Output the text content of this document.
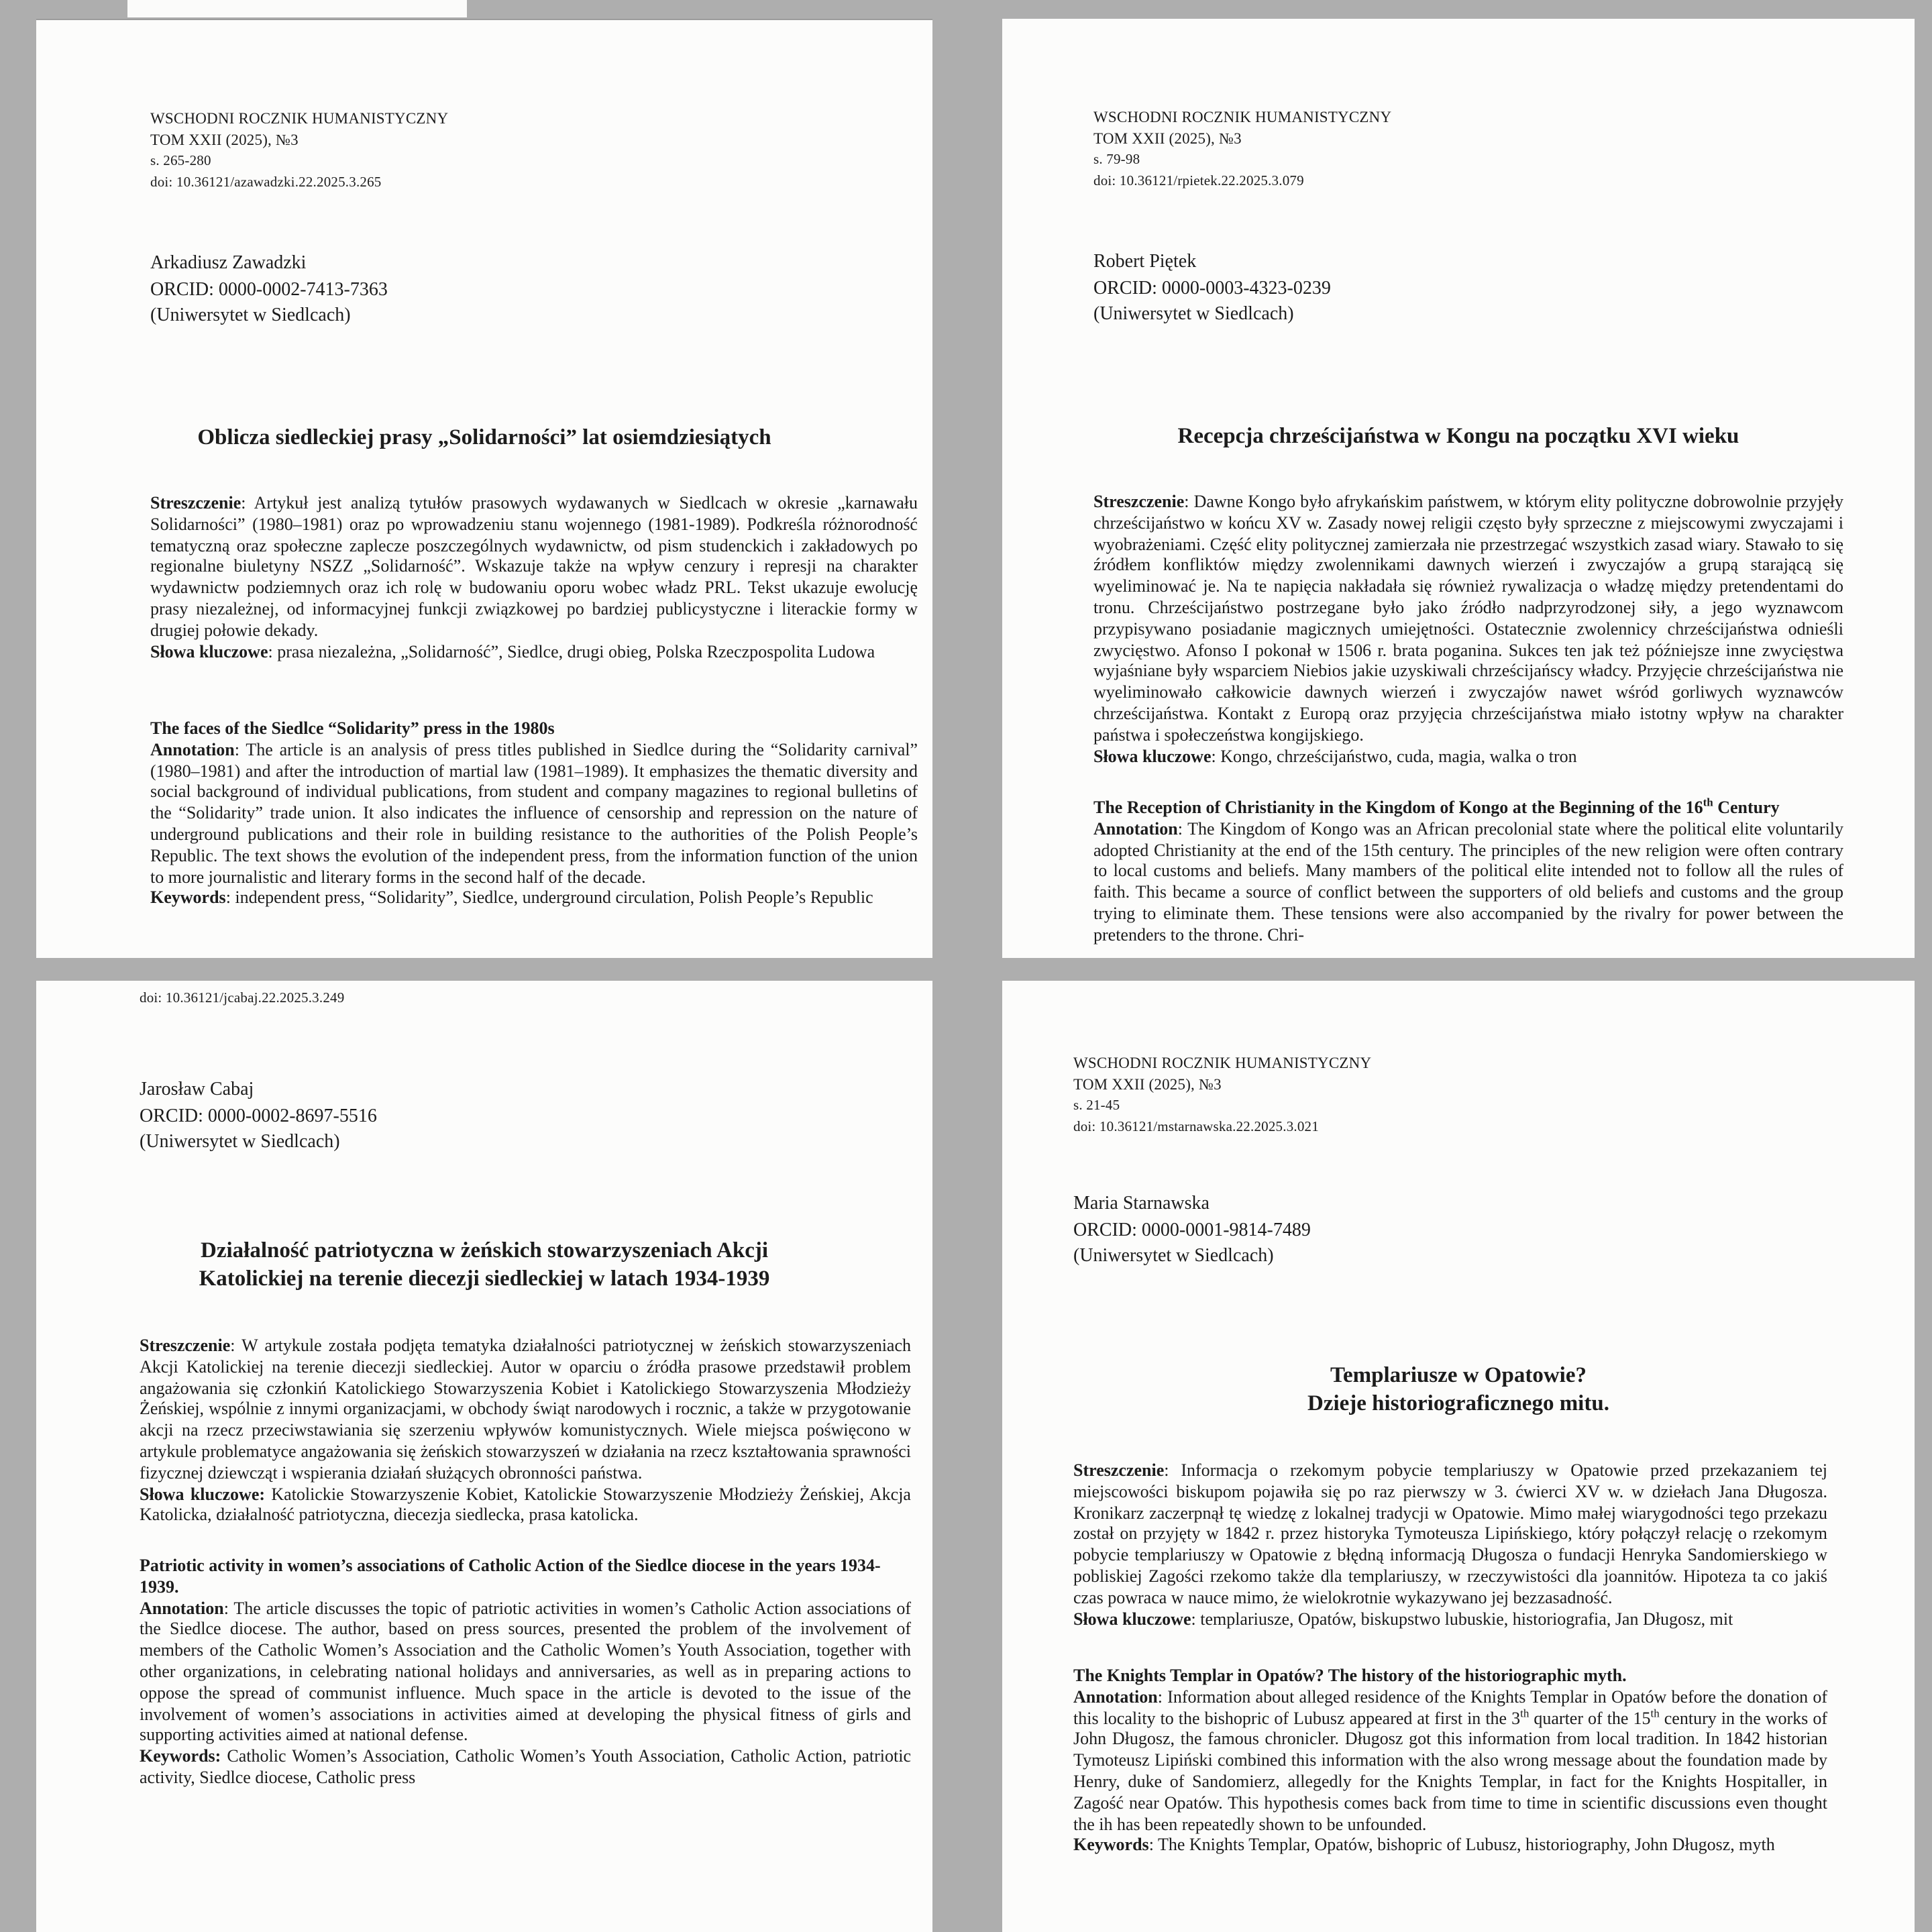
WSCHODNI ROCZNIK HUMANISTYCZNY
TOM XXII (2025), №3
s. 265-280
doi: 10.36121/azawadzki.22.2025.3.265
Arkadiusz Zawadzki
ORCID: 0000-0002-7413-7363
(Uniwersytet w Siedlcach)
Oblicza siedleckiej prasy „Solidarności” lat osiemdziesiątych

Streszczenie: Artykuł jest analizą tytułów prasowych wydawanych w Siedlcach w okresie „karnawału Solidarności” (1980–1981) oraz po wprowadzeniu stanu wojennego (1981-1989). Podkreśla różnorodność tematyczną oraz społeczne zaplecze poszczególnych wydawnictw, od pism studenckich i zakładowych po regionalne biuletyny NSZZ „Solidarność”. Wskazuje także na wpływ cenzury i represji na charakter wydawnictw podziemnych oraz ich rolę w budowaniu oporu wobec władz PRL. Tekst ukazuje ewolucję prasy niezależnej, od informacyjnej funkcji związkowej po bardziej publicystyczne i literackie formy w drugiej połowie dekady.

Słowa kluczowe: prasa niezależna, „Solidarność”, Siedlce, drugi obieg, Polska Rzeczpospolita Ludowa

The faces of the Siedlce “Solidarity” press in the 1980s

Annotation: The article is an analysis of press titles published in Siedlce during the “Solidarity carnival” (1980–1981) and after the introduction of martial law (1981–1989). It emphasizes the thematic diversity and social background of individual publications, from student and company magazines to regional bulletins of the “Solidarity” trade union. It also indicates the influence of censorship and repression on the nature of underground publications and their role in building resistance to the authorities of the Polish People’s Republic. The text shows the evolution of the independent press, from the information function of the union to more journalistic and literary forms in the second half of the decade.

Keywords: independent press, “Solidarity”, Siedlce, underground circulation, Polish People’s Republic

WSCHODNI ROCZNIK HUMANISTYCZNY
TOM XXII (2025), №3
s. 79-98
doi: 10.36121/rpietek.22.2025.3.079
Robert Piętek
ORCID: 0000-0003-4323-0239
(Uniwersytet w Siedlcach)
Recepcja chrześcijaństwa w Kongu na początku XVI wieku

Streszczenie: Dawne Kongo było afrykańskim państwem, w którym elity polityczne dobrowolnie przyjęły chrześcijaństwo w końcu XV w. Zasady nowej religii często były sprzeczne z miejscowymi zwyczajami i wyobrażeniami. Część elity politycznej zamierzała nie przestrzegać wszystkich zasad wiary. Stawało to się źródłem konfliktów między zwolennikami dawnych wierzeń i zwyczajów a grupą starającą się wyeliminować je. Na te napięcia nakładała się również rywalizacja o władzę między pretendentami do tronu. Chrześcijaństwo postrzegane było jako źródło nadprzyrodzonej siły, a jego wyznawcom przypisywano posiadanie magicznych umiejętności. Ostatecznie zwolennicy chrześcijaństwa odnieśli zwycięstwo. Afonso I pokonał w 1506 r. brata poganina. Sukces ten jak też późniejsze inne zwycięstwa wyjaśniane były wsparciem Niebios jakie uzyskiwali chrześcijańscy władcy. Przyjęcie chrześcijaństwa nie wyeliminowało całkowicie dawnych wierzeń i zwyczajów nawet wśród gorliwych wyznawców chrześcijaństwa. Kontakt z Europą oraz przyjęcia chrześcijaństwa miało istotny wpływ na charakter państwa i społeczeństwa kongijskiego.

Słowa kluczowe: Kongo, chrześcijaństwo, cuda, magia, walka o tron

The Reception of Christianity in the Kingdom of Kongo at the Beginning of the 16th Century

Annotation: The Kingdom of Kongo was an African precolonial state where the political elite voluntarily adopted Christianity at the end of the 15th century. The principles of the new religion were often contrary to local customs and beliefs. Many mambers of the political elite intended not to follow all the rules of faith. This became a source of conflict between the supporters of old beliefs and customs and the group trying to eliminate them. These tensions were also accompanied by the rivalry for power between the pretenders to the throne. Chri-

doi: 10.36121/jcabaj.22.2025.3.249
Jarosław Cabaj
ORCID: 0000-0002-8697-5516
(Uniwersytet w Siedlcach)
Działalność patriotyczna w żeńskich stowarzyszeniach Akcji
Katolickiej na terenie diecezji siedleckiej w latach 1934-1939

Streszczenie: W artykule została podjęta tematyka działalności patriotycznej w żeńskich stowarzyszeniach Akcji Katolickiej na terenie diecezji siedleckiej. Autor w oparciu o źródła prasowe przedstawił problem angażowania się członkiń Katolickiego Stowarzyszenia Kobiet i Katolickiego Stowarzyszenia Młodzieży Żeńskiej, wspólnie z innymi organizacjami, w obchody świąt narodowych i rocznic, a także w przygotowanie akcji na rzecz przeciwstawiania się szerzeniu wpływów komunistycznych. Wiele miejsca poświęcono w artykule problematyce angażowania się żeńskich stowarzyszeń w działania na rzecz kształtowania sprawności fizycznej dziewcząt i wspierania działań służących obronności państwa.

Słowa kluczowe: Katolickie Stowarzyszenie Kobiet, Katolickie Stowarzyszenie Młodzieży Żeńskiej, Akcja Katolicka, działalność patriotyczna, diecezja siedlecka, prasa katolicka.

Patriotic activity in women’s associations of Catholic Action of the Siedlce diocese in the years 1934-1939.

Annotation: The article discusses the topic of patriotic activities in women’s Catholic Action associations of the Siedlce diocese. The author, based on press sources, presented the problem of the involvement of members of the Catholic Women’s Association and the Catholic Women’s Youth Association, together with other organizations, in celebrating national holidays and anniversaries, as well as in preparing actions to oppose the spread of communist influence. Much space in the article is devoted to the issue of the involvement of women’s associations in activities aimed at developing the physical fitness of girls and supporting activities aimed at national defense.

Keywords: Catholic Women’s Association, Catholic Women’s Youth Association, Catholic Action, patriotic activity, Siedlce diocese, Catholic press

WSCHODNI ROCZNIK HUMANISTYCZNY
TOM XXII (2025), №3
s. 21-45
doi: 10.36121/mstarnawska.22.2025.3.021
Maria Starnawska
ORCID: 0000-0001-9814-7489
(Uniwersytet w Siedlcach)
Templariusze w Opatowie?
Dzieje historiograficznego mitu.

Streszczenie: Informacja o rzekomym pobycie templariuszy w Opatowie przed przekazaniem tej miejscowości biskupom pojawiła się po raz pierwszy w 3. ćwierci XV w. w dziełach Jana Długosza. Kronikarz zaczerpnął tę wiedzę z lokalnej tradycji w Opatowie. Mimo małej wiarygodności tego przekazu został on przyjęty w 1842 r. przez historyka Tymoteusza Lipińskiego, który połączył relację o rzekomym pobycie templariuszy w Opatowie z błędną informacją Długosza o fundacji Henryka Sandomierskiego w pobliskiej Zagości rzekomo także dla templariuszy, w rzeczywistości dla joannitów. Hipoteza ta co jakiś czas powraca w nauce mimo, że wielokrotnie wykazywano jej bezzasadność.

Słowa kluczowe: templariusze, Opatów, biskupstwo lubuskie, historiografia, Jan Długosz, mit

The Knights Templar in Opatów? The history of the historiographic myth.

Annotation: Information about alleged residence of the Knights Templar in Opatów before the donation of this locality to the bishopric of Lubusz appeared at first in the 3th quarter of the 15th century in the works of John Długosz, the famous chronicler. Długosz got this information from local tradition. In 1842 historian Tymoteusz Lipiński combined this information with the also wrong message about the foundation made by Henry, duke of Sandomierz, allegedly for the Knights Templar, in fact for the Knights Hospitaller, in Zagość near Opatów. This hypothesis comes back from time to time in scientific discussions even thought the ih has been repeatedly shown to be unfounded.

Keywords: The Knights Templar, Opatów, bishopric of Lubusz, historiography, John Długosz, myth
